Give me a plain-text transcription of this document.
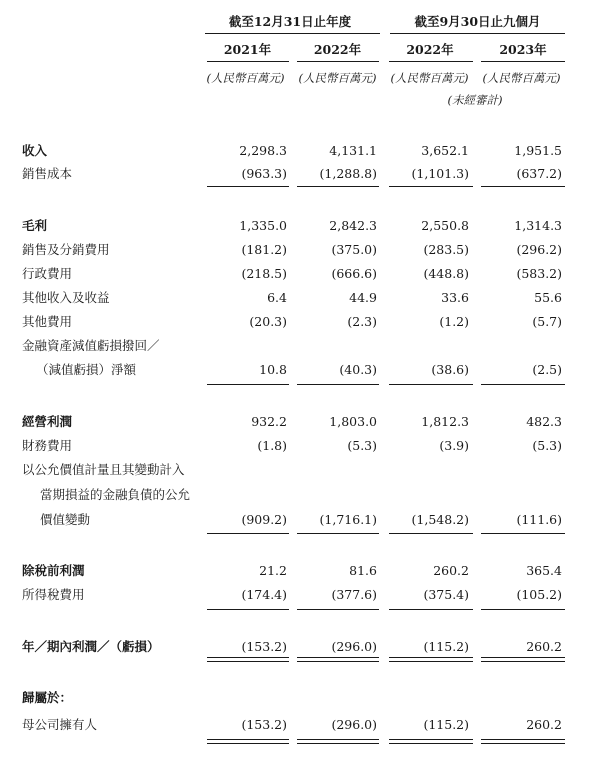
截至12月31日止年度	截至9月30日止九個月
2021年	2022年	2022年	2023年
(人民幣百萬元)	(人民幣百萬元)	(人民幣百萬元)	(人民幣百萬元)
(未經審計)
收入	2,298.3	4,131.1	3,652.1	1,951.5
銷售成本	(963.3)	(1,288.8)	(1,101.3)	(637.2)
毛利	1,335.0	2,842.3	2,550.8	1,314.3
銷售及分銷費用	(181.2)	(375.0)	(283.5)	(296.2)
行政費用	(218.5)	(666.6)	(448.8)	(583.2)
其他收入及收益	6.4	44.9	33.6	55.6
其他費用	(20.3)	(2.3)	(1.2)	(5.7)
金融資產減值虧損撥回／
（減值虧損）淨額	10.8	(40.3)	(38.6)	(2.5)
經營利潤	932.2	1,803.0	1,812.3	482.3
財務費用	(1.8)	(5.3)	(3.9)	(5.3)
以公允價值計量且其變動計入
當期損益的金融負債的公允
價值變動	(909.2)	(1,716.1)	(1,548.2)	(111.6)
除稅前利潤	21.2	81.6	260.2	365.4
所得稅費用	(174.4)	(377.6)	(375.4)	(105.2)
年／期內利潤／（虧損）	(153.2)	(296.0)	(115.2)	260.2
歸屬於：
母公司擁有人	(153.2)	(296.0)	(115.2)	260.2
